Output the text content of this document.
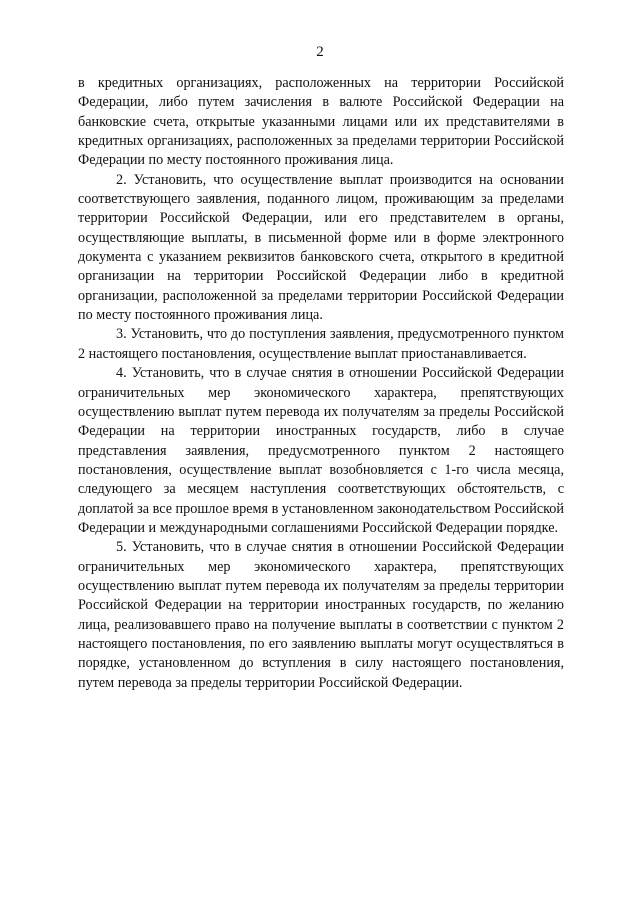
2

в кредитных организациях, расположенных на территории Российской Федерации, либо путем зачисления в валюте Российской Федерации на банковские счета, открытые указанными лицами или их представителями в кредитных организациях, расположенных за пределами территории Российской Федерации по месту постоянного проживания лица.

2. Установить, что осуществление выплат производится на основании соответствующего заявления, поданного лицом, проживающим за пределами территории Российской Федерации, или его представителем в органы, осуществляющие выплаты, в письменной форме или в форме электронного документа с указанием реквизитов банковского счета, открытого в кредитной организации на территории Российской Федерации либо в кредитной организации, расположенной за пределами территории Российской Федерации по месту постоянного проживания лица.

3. Установить, что до поступления заявления, предусмотренного пунктом 2 настоящего постановления, осуществление выплат приостанавливается.

4. Установить, что в случае снятия в отношении Российской Федерации ограничительных мер экономического характера, препятствующих осуществлению выплат путем перевода их получателям за пределы Российской Федерации на территории иностранных государств, либо в случае представления заявления, предусмотренного пунктом 2 настоящего постановления, осуществление выплат возобновляется с 1-го числа месяца, следующего за месяцем наступления соответствующих обстоятельств, с доплатой за все прошлое время в установленном законодательством Российской Федерации и международными соглашениями Российской Федерации порядке.

5. Установить, что в случае снятия в отношении Российской Федерации ограничительных мер экономического характера, препятствующих осуществлению выплат путем перевода их получателям за пределы территории Российской Федерации на территории иностранных государств, по желанию лица, реализовавшего право на получение выплаты в соответствии с пунктом 2 настоящего постановления, по его заявлению выплаты могут осуществляться в порядке, установленном до вступления в силу настоящего постановления, путем перевода за пределы территории Российской Федерации.
